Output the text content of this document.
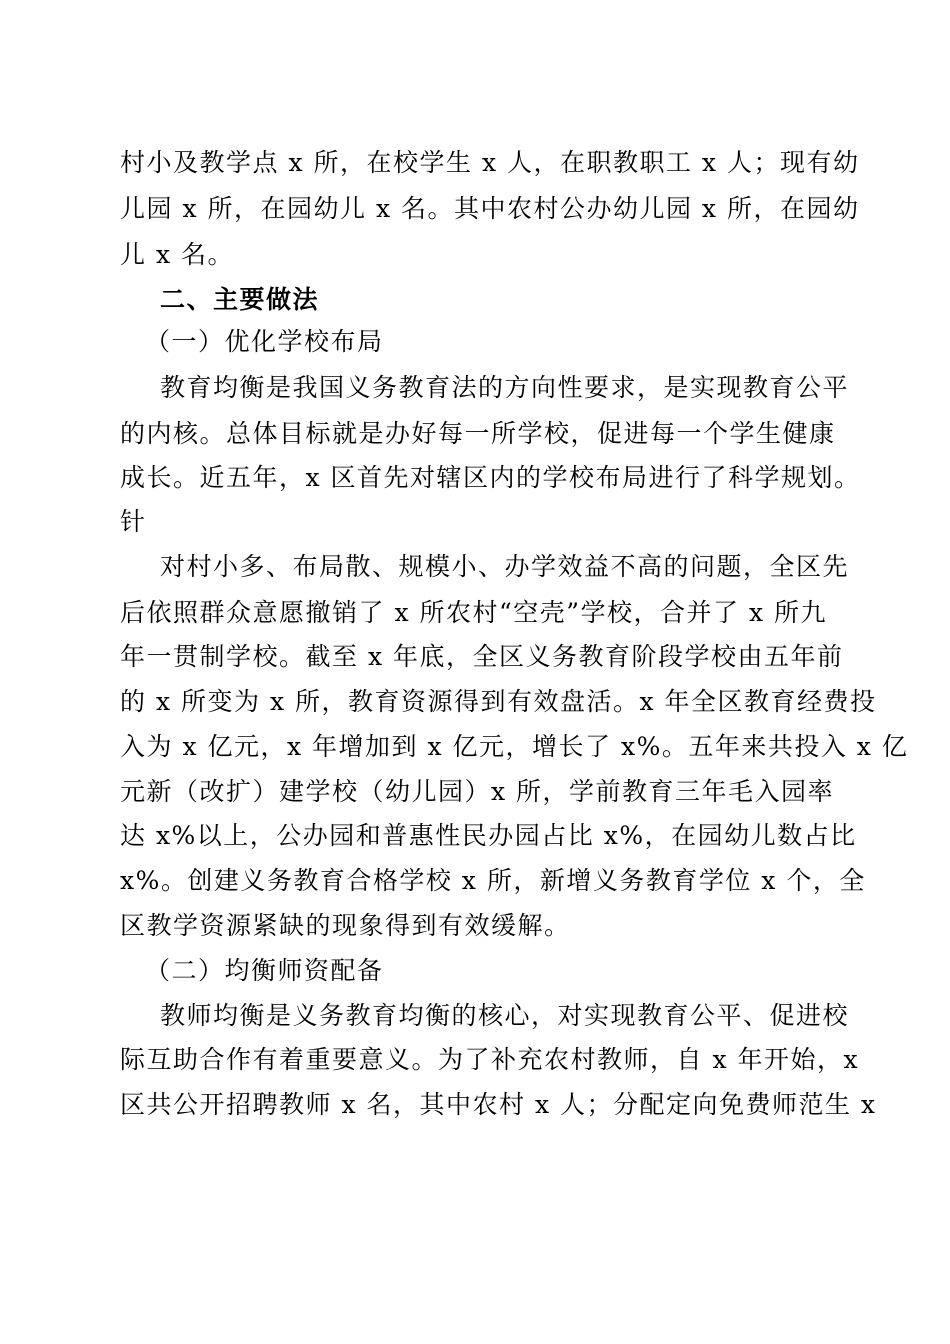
村小及教学点 x 所，在校学生 x 人，在职教职工 x 人；现有幼
儿园 x 所，在园幼儿 x 名。其中农村公办幼儿园 x 所，在园幼
儿 x 名。
二、主要做法
（一）优化学校布局
教育均衡是我国义务教育法的方向性要求，是实现教育公平
的内核。总体目标就是办好每一所学校，促进每一个学生健康
成长。近五年，x 区首先对辖区内的学校布局进行了科学规划。
针
对村小多、布局散、规模小、办学效益不高的问题，全区先
后依照群众意愿撤销了 x 所农村“空壳”学校，合并了 x 所九
年一贯制学校。截至 x 年底，全区义务教育阶段学校由五年前
的 x 所变为 x 所，教育资源得到有效盘活。x 年全区教育经费投
入为 x 亿元，x 年增加到 x 亿元，增长了 x%。五年来共投入 x 亿
元新（改扩）建学校（幼儿园）x 所，学前教育三年毛入园率
达 x%以上，公办园和普惠性民办园占比 x%，在园幼儿数占比
x%。创建义务教育合格学校 x 所，新增义务教育学位 x 个，全
区教学资源紧缺的现象得到有效缓解。
（二）均衡师资配备
教师均衡是义务教育均衡的核心，对实现教育公平、促进校
际互助合作有着重要意义。为了补充农村教师，自 x 年开始，x
区共公开招聘教师 x 名，其中农村 x 人；分配定向免费师范生 x
